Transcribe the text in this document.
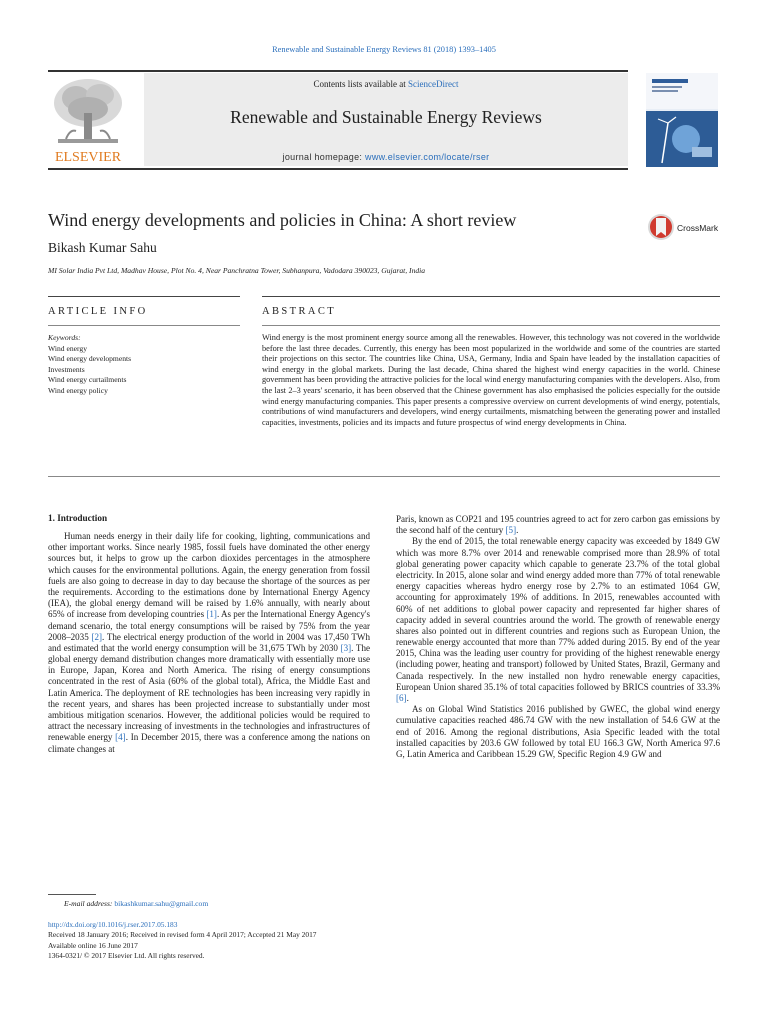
Renewable and Sustainable Energy Reviews 81 (2018) 1393–1405
ELSEVIER
Contents lists available at ScienceDirect
Renewable and Sustainable Energy Reviews
journal homepage: www.elsevier.com/locate/rser
Wind energy developments and policies in China: A short review
Bikash Kumar Sahu
MI Solar India Pvt Ltd, Madhav House, Plot No. 4, Near Panchratna Tower, Subhanpura, Vadodara 390023, Gujarat, India
CrossMark
ARTICLE INFO	ABSTRACT
Keywords:
Wind energy
Wind energy developments
Investments
Wind energy curtailments
Wind energy policy
Wind energy is the most prominent energy source among all the renewables. However, this technology was not covered in the worldwide before the last three decades. Currently, this energy has been most popularized in the worldwide and some of the countries are started their projections on this sector. The countries like China, USA, Germany, India and Spain have leaded by the installation capacities of wind energy in the global markets. During the last decade, China shared the highest wind energy capacities in the world. Chinese government has been providing the attractive policies for the local wind energy manufacturing companies with the developers. Also, from the last 2–3 years' scenario, it has been observed that the Chinese government has also emphasised the policies especially for the outside wind energy manufacturing companies. This paper presents a compressive overview on current developments of wind energy, potentials, contributions of wind manufacturers and developers, wind energy curtailments, mismatching between the generating power and installed capacities, investments, policies and its impacts and future prospectus of wind energy developments in China.
1. Introduction

Human needs energy in their daily life for cooking, lighting, communications and other important works. Since nearly 1985, fossil fuels have dominated the other energy sources but, it helps to grow up the carbon dioxides percentages in the atmosphere which causes for the environmental pollutions. Again, the energy generation from fossil fuels are also going to decrease in day to day because the shortage of the sources as per the requirements. According to the estimations done by International Energy Agency (IEA), the global energy demand will be raised by 1.6% annually, with nearly about 65% of increase from developing countries [1]. As per the International Energy Agency's demand scenario, the total energy consumptions will be raised by 75% from the year 2008–2035 [2]. The electrical energy production of the world in 2004 was 17,450 TWh and estimated that the world energy consumption will be 31,675 TWh by 2030 [3]. The global energy demand distribution changes more dramatically with essentially more use in Europe, Japan, Korea and North America. The rising of energy consumptions concentrated in the rest of Asia (60% of the global total), Africa, the Middle East and Latin America. The deployment of RE technologies has been increasing very rapidly in the recent years, and shares has been projected increase to substantially under most ambitious mitigation scenarios. However, the additional policies would be required to attract the necessary increasing of investments in the technologies and infrastructures of renewable energy [4]. In December 2015, there was a conference among the nations on climate changes at

Paris, known as COP21 and 195 countries agreed to act for zero carbon gas emissions by the second half of the century [5].

By the end of 2015, the total renewable energy capacity was exceeded by 1849 GW which was more 8.7% over 2014 and renewable comprised more than 28.9% of total global generating power capacity which capable to generate 23.7% of the total global electricity. In 2015, alone solar and wind energy added more than 77% of total renewable energy capacities whereas hydro energy rose by 2.7% to an estimated 1064 GW, accounting for approximately 19% of additions. In 2015, renewables accounted with 60% of net additions to global power capacity and represented far higher shares of capacity added in several countries around the world. The growth of renewable energy shares also pointed out in different countries and regions such as European Union, the renewable energy accounted that more than 77% added during 2015. By end of the year 2015, China was the leading user country for providing of the highest renewable energy (including power, heating and transport) followed by United States, Brazil, Germany and Canada respectively. In the new installed non hydro renewable energy capacities, European Union shared 35.1% of total capacities followed by BRICS countries of 33.3% [6].

As on Global Wind Statistics 2016 published by GWEC, the global wind energy cumulative capacities reached 486.74 GW with the new installation of 54.6 GW at the end of 2016. Among the regional distributions, Asia Specific leaded with the total installed capacities by 203.6 GW followed by total EU 166.3 GW, North America 97.6 G, Latin America and Caribbean 15.29 GW, Specific Region 4.9 GW and

E-mail address: bikashkumar.sahu@gmail.com
http://dx.doi.org/10.1016/j.rser.2017.05.183
Received 18 January 2016; Received in revised form 4 April 2017; Accepted 21 May 2017
Available online 16 June 2017
1364-0321/ © 2017 Elsevier Ltd. All rights reserved.
